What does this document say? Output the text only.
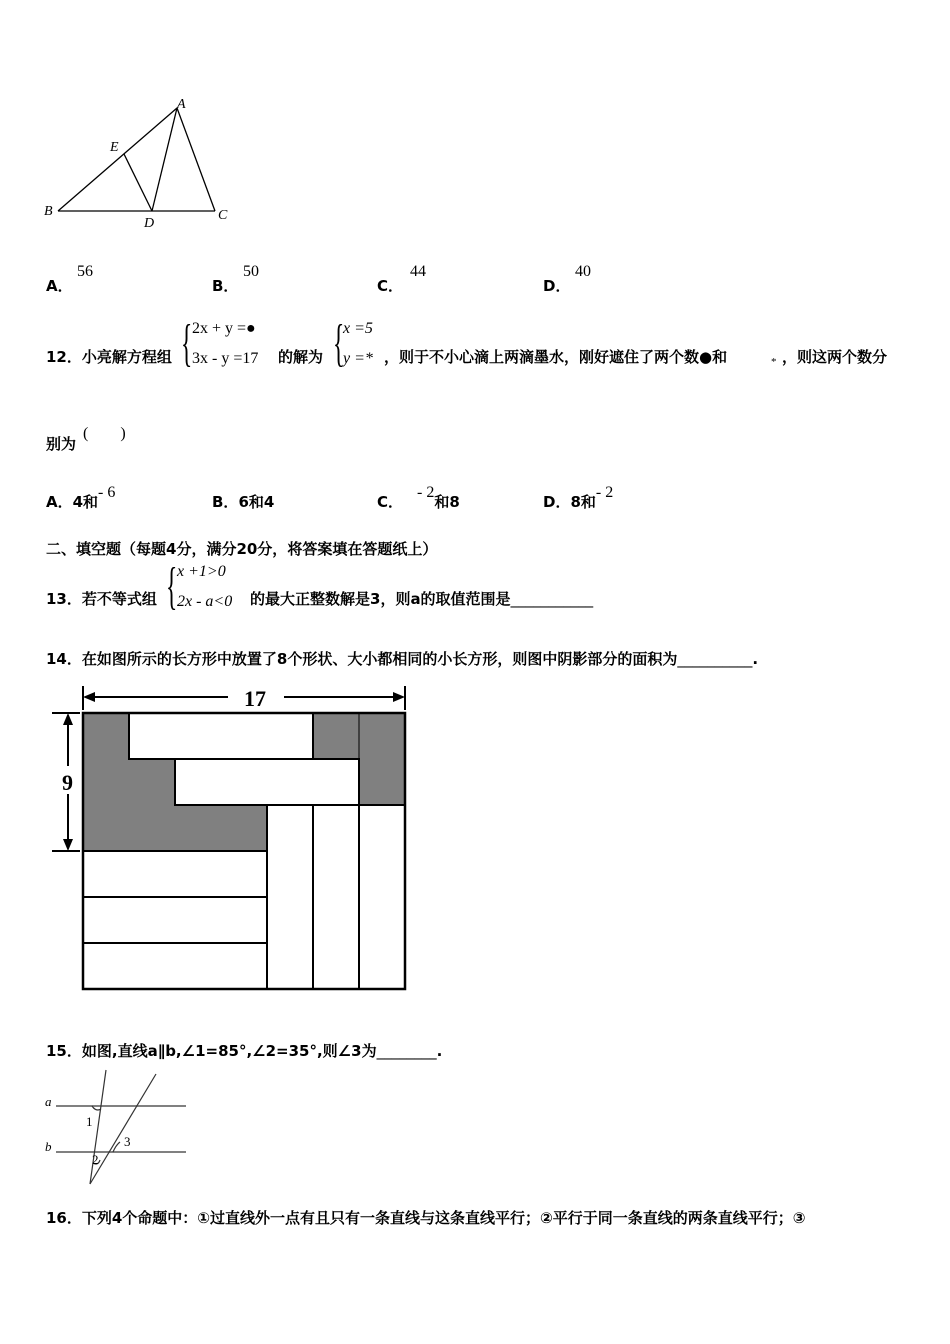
A
E
B
D
C
A．
56
B．
50
C．
44
D．
40
12．小亮解方程组 { 2x + y =●
3x - y =17 的解为 {
x =5
y =* ，则于不小心滴上两滴墨水，刚好遮住了两个数●和	* ，则这两个数分
别为
(　　)
A．4和- 6
B．6和4	C．- 2和8	D．8和- 2
二、填空题（每题4分，满分20分，将答案填在答题纸上）
13．若不等式组 { x +1>0
2x - a<0 的最大正整数解是3，则a的取值范围是___________
14．在如图所示的长方形中放置了8个形状、大小都相同的小长方形，则图中阴影部分的面积为__________.
17
9
15．如图,直线a∥b,∠1=85°,∠2=35°,则∠3为________.
a
b
1
2
3
16．下列4个命题中：①过直线外一点有且只有一条直线与这条直线平行；②平行于同一条直线的两条直线平行；③
